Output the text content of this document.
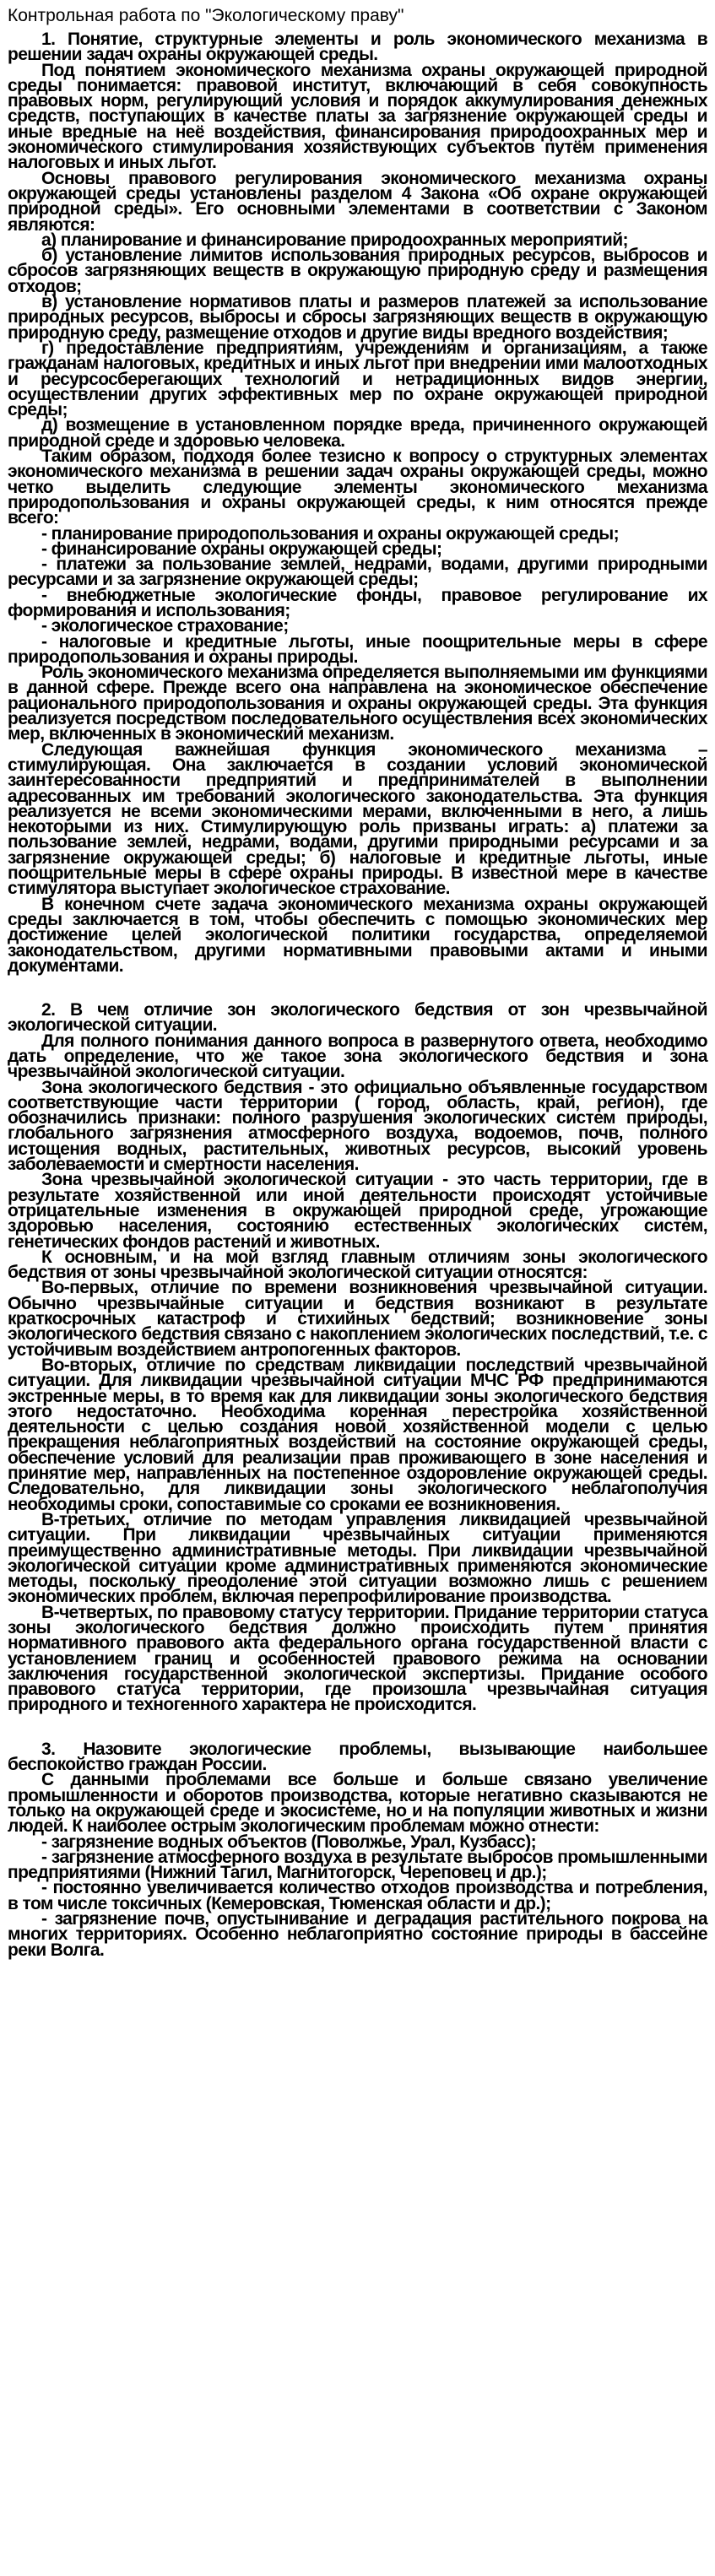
Контрольная работа по "Экологическому праву"

1. Понятие, структурные элементы и роль экономического механизма в решении задач охраны окружающей среды.

Под понятием экономического механизма охраны окружающей природной среды понимается: правовой институт, включающий в себя совокупность правовых норм, регулирующий условия и порядок аккумулирования денежных средств, поступающих в качестве платы за загрязнение окружающей среды и иные вредные на неё воздействия, финансирования природоохранных мер и экономического стимулирования хозяйствующих субъектов путём применения налоговых и иных льгот.

Основы правового регулирования экономического механизма охраны окружающей среды установлены разделом 4 Закона «Об охране окружающей природной среды». Его основными элементами в соответствии с Законом являются:

а) планирование и финансирование природоохранных мероприятий;

б) установление лимитов использования природных ресурсов, выбросов и сбросов загрязняющих веществ в окружающую природную среду и размещения отходов;

в) установление нормативов платы и размеров платежей за использование природных ресурсов, выбросы и сбросы загрязняющих веществ в окружающую природную среду, размещение отходов и другие виды вредного воздействия;

г) предоставление предприятиям, учреждениям и организациям, а также гражданам налоговых, кредитных и иных льгот при внедрении ими малоотходных и ресурсосберегающих технологий и нетрадиционных видов энергии, осуществлении других эффективных мер по охране окружающей природной среды;

д) возмещение в установленном порядке вреда, причиненного окружающей природной среде и здоровью человека.

Таким образом, подходя более тезисно к вопросу о структурных элементах экономического механизма в решении задач охраны окружающей среды, можно четко выделить следующие элементы экономического механизма природопользования и охраны окружающей среды, к ним относятся прежде всего:

- планирование природопользования и охраны окружающей среды;

- финансирование охраны окружающей среды;

- платежи за пользование землей, недрами, водами, другими природными ресурсами и за загрязнение окружающей среды;

- внебюджетные экологические фонды, правовое регулирование их формирования и использования;

- экологическое страхование;

- налоговые и кредитные льготы, иные поощрительные меры в сфере природопользования и охраны природы.

Роль экономического механизма определяется выполняемыми им функциями в данной сфере. Прежде всего она направлена на экономическое обеспечение рационального природопользования и охраны окружающей среды. Эта функция реализуется посредством последовательного осуществления всех экономических мер, включенных в экономический механизм.

Следующая важнейшая функция экономического механизма – стимулирующая. Она заключается в создании условий экономической заинтересованности предприятий и предпринимателей в выполнении адресованных им требований экологического законодательства. Эта функция реализуется не всеми экономическими мерами, включенными в него, а лишь некоторыми из них. Стимулирующую роль призваны играть: а) платежи за пользование землей, недрами, водами, другими природными ресурсами и за загрязнение окружающей среды; б) налоговые и кредитные льготы, иные поощрительные меры в сфере охраны природы. В известной мере в качестве стимулятора выступает экологическое страхование.

В конечном счете задача экономического механизма охраны окружающей среды заключается в том, чтобы обеспечить с помощью экономических мер достижение целей экологической политики государства, определяемой законодательством, другими нормативными правовыми актами и иными документами.

2. В чем отличие зон экологического бедствия от зон чрезвычайной экологической ситуации.

Для полного понимания данного вопроса в развернутого ответа, необходимо дать определение, что же такое зона экологического бедствия и зона чрезвычайной экологической ситуации.

Зона экологического бедствия - это официально объявленные государством соответствующие части территории ( город, область, край, регион), где обозначились признаки: полного разрушения экологических систем природы, глобального загрязнения атмосферного воздуха, водоемов, почв, полного истощения водных, растительных, животных ресурсов, высокий уровень заболеваемости и смертности населения.

Зона чрезвычайной экологической ситуации - это часть территории, где в результате хозяйственной или иной деятельности происходят устойчивые отрицательные изменения в окружающей природной среде, угрожающие здоровью населения, состоянию естественных экологических систем, генетических фондов растений и животных.

К основным, и на мой взгляд главным отличиям зоны экологического бедствия от зоны чрезвычайной экологической ситуации относятся:

Во-первых, отличие по времени возникновения чрезвычайной ситуации. Обычно чрезвычайные ситуации и бедствия возникают в результате краткосрочных катастроф и стихийных бедствий; возникновение зоны экологического бедствия связано с накоплением экологических последствий, т.е. с устойчивым воздействием антропогенных факторов.

Во-вторых, отличие по средствам ликвидации последствий чрезвычайной ситуации. Для ликвидации чрезвычайной ситуации МЧС РФ предпринимаются экстренные меры, в то время как для ликвидации зоны экологического бедствия этого недостаточно. Необходима коренная перестройка хозяйственной деятельности с целью создания новой хозяйственной модели с целью прекращения неблагоприятных воздействий на состояние окружающей среды, обеспечение условий для реализации прав проживающего в зоне населения и принятие мер, направленных на постепенное оздоровление окружающей среды. Следовательно, для ликвидации зоны экологического неблагополучия необходимы сроки, сопоставимые со сроками ее возникновения.

В-третьих, отличие по методам управления ликвидацией чрезвычайной ситуации. При ликвидации чрезвычайных ситуации применяются преимущественно административные методы. При ликвидации чрезвычайной экологической ситуации кроме административных применяются экономические методы, поскольку преодоление этой ситуации возможно лишь с решением экономических проблем, включая перепрофилирование производства.

В-четвертых, по правовому статусу территории. Придание территории статуса зоны экологического бедствия должно происходить путем принятия нормативного правового акта федерального органа государственной власти с установлением границ и особенностей правового режима на основании заключения государственной экологической экспертизы. Придание особого правового статуса территории, где произошла чрезвычайная ситуация природного и техногенного характера не происходится.

3. Назовите экологические проблемы, вызывающие наибольшее беспокойство граждан России.

С данными проблемами все больше и больше связано увеличение промышленности и оборотов производства, которые негативно сказываются не только на окружающей среде и экосистеме, но и на популяции животных и жизни людей. К наиболее острым экологическим проблемам можно отнести:

- загрязнение водных объектов (Поволжье, Урал, Кузбасс);

- загрязнение атмосферного воздуха в результате выбросов промышленными предприятиями (Нижний Тагил, Магнитогорск, Череповец и др.);

- постоянно увеличивается количество отходов производства и потребления, в том числе токсичных (Кемеровская, Тюменская области и др.);

- загрязнение почв, опустынивание и деградация растительного покрова на многих территориях. Особенно неблагоприятно состояние природы в бассейне реки Волга.
